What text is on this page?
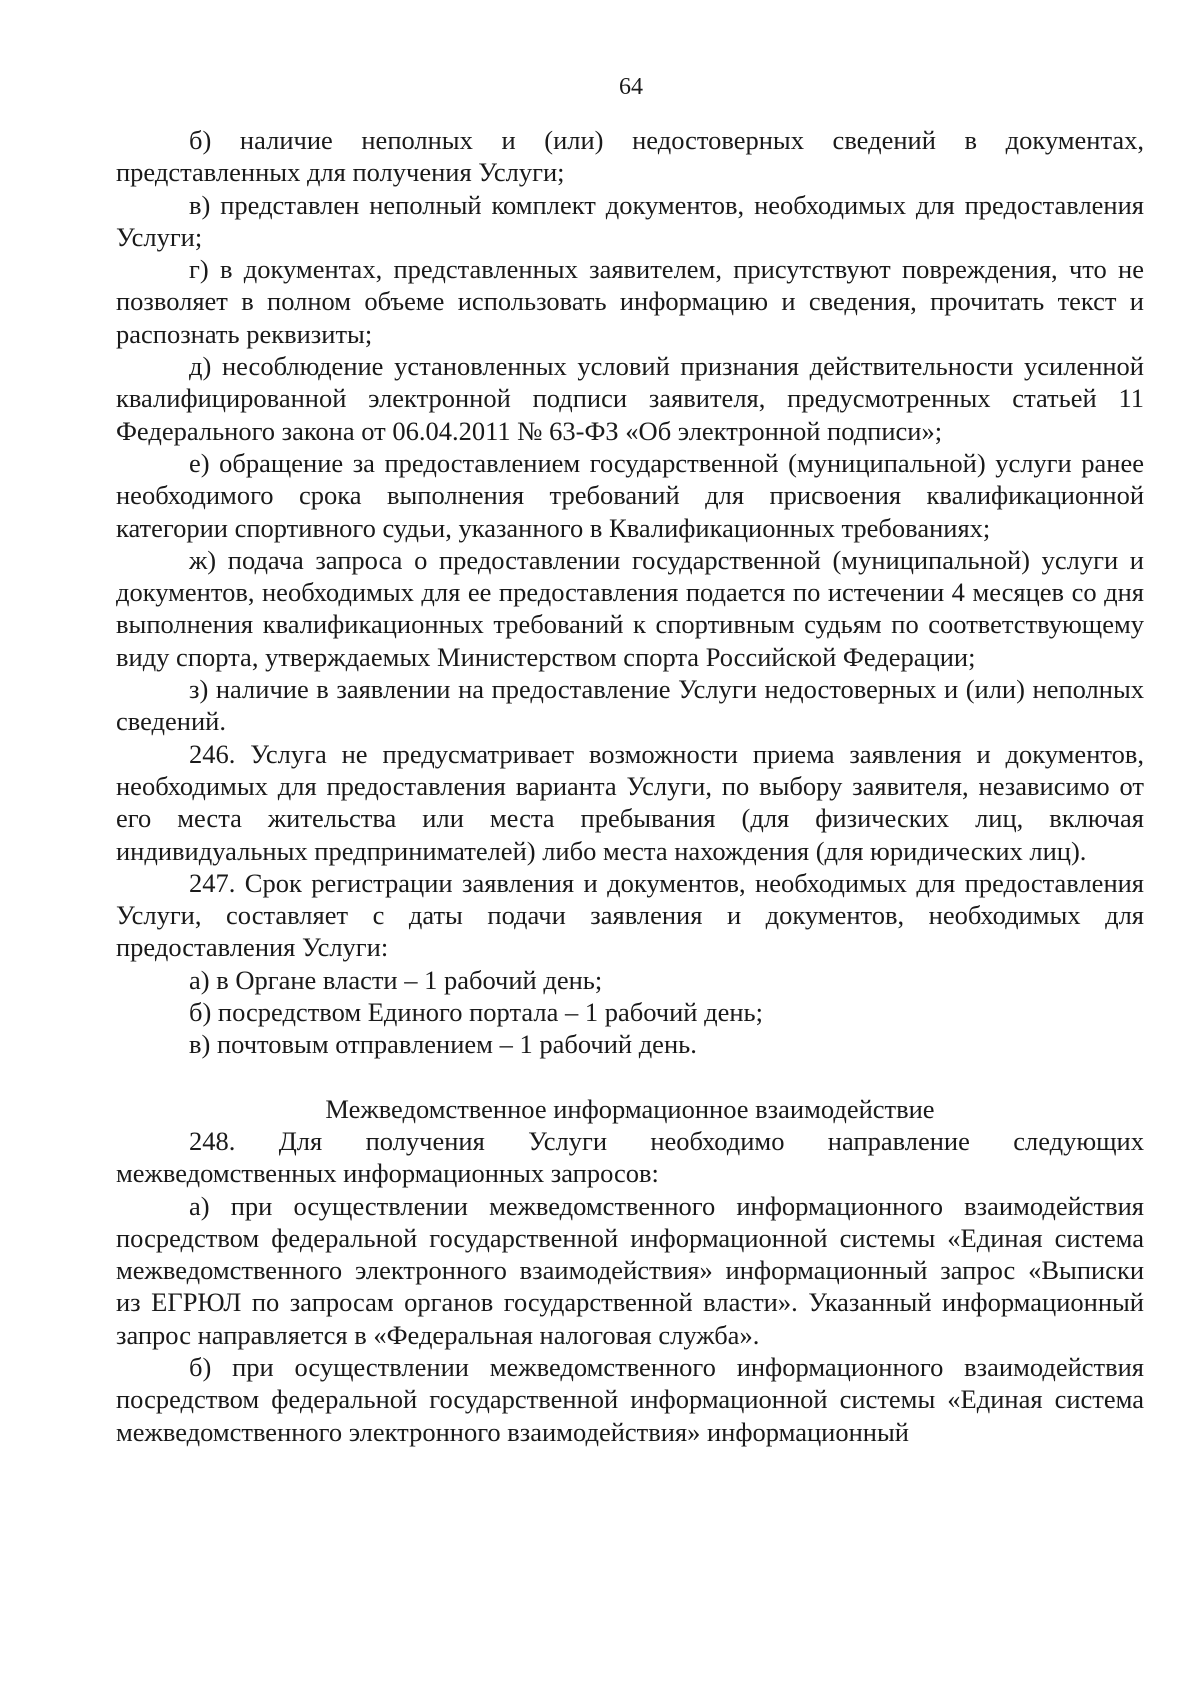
64

б) наличие неполных и (или) недостоверных сведений в документах, представленных для получения Услуги;

в) представлен неполный комплект документов, необходимых для предоставления Услуги;

г) в документах, представленных заявителем, присутствуют повреждения, что не позволяет в полном объеме использовать информацию и сведения, прочитать текст и распознать реквизиты;

д) несоблюдение установленных условий признания действительности усиленной квалифицированной электронной подписи заявителя, предусмотренных статьей 11 Федерального закона от 06.04.2011 № 63-ФЗ «Об электронной подписи»;

е) обращение за предоставлением государственной (муниципальной) услуги ранее необходимого срока выполнения требований для присвоения квалификационной категории спортивного судьи, указанного в Квалификационных требованиях;

ж) подача запроса о предоставлении государственной (муниципальной) услуги и документов, необходимых для ее предоставления подается по истечении 4 месяцев со дня выполнения квалификационных требований к спортивным судьям по соответствующему виду спорта, утверждаемых Министерством спорта Российской Федерации;

з) наличие в заявлении на предоставление Услуги недостоверных и (или) неполных сведений.

246. Услуга не предусматривает возможности приема заявления и документов, необходимых для предоставления варианта Услуги, по выбору заявителя, независимо от его места жительства или места пребывания (для физических лиц, включая индивидуальных предпринимателей) либо места нахождения (для юридических лиц).

247. Срок регистрации заявления и документов, необходимых для предоставления Услуги, составляет с даты подачи заявления и документов, необходимых для предоставления Услуги:

а) в Органе власти – 1 рабочий день;

б) посредством Единого портала – 1 рабочий день;

в) почтовым отправлением – 1 рабочий день.

Межведомственное информационное взаимодействие

248. Для получения Услуги необходимо направление следующих межведомственных информационных запросов:

а) при осуществлении межведомственного информационного взаимодействия посредством федеральной государственной информационной системы «Единая система межведомственного электронного взаимодействия» информационный запрос «Выписки из ЕГРЮЛ по запросам органов государственной власти». Указанный информационный запрос направляется в «Федеральная налоговая служба».

б) при осуществлении межведомственного информационного взаимодействия посредством федеральной государственной информационной системы «Единая система межведомственного электронного взаимодействия» информационный
